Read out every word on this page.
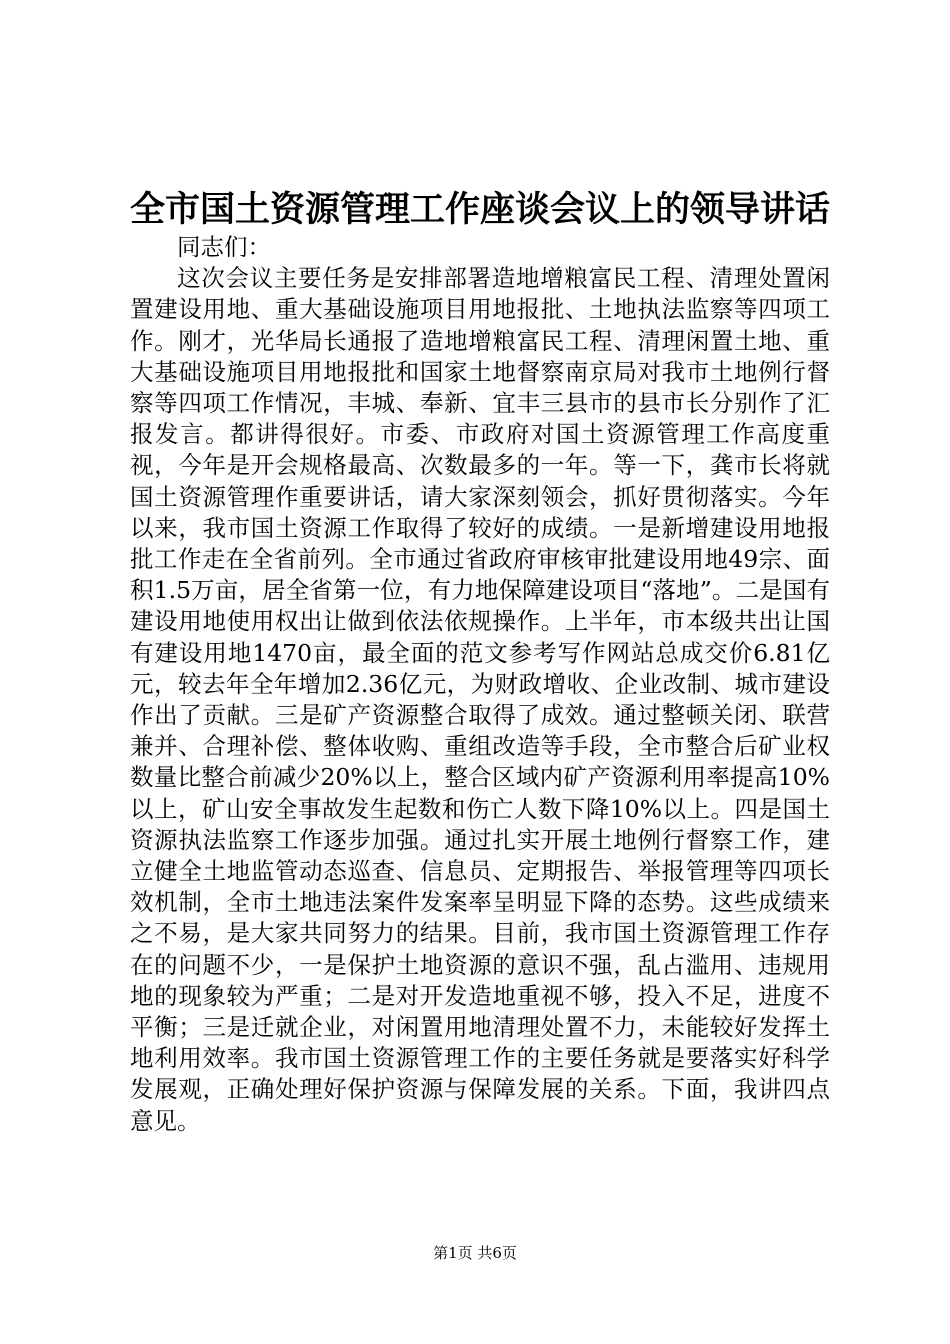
全市国土资源管理工作座谈会议上的领导讲话

同志们：

这次会议主要任务是安排部署造地增粮富民工程、清理处置闲置建设用地、重大基础设施项目用地报批、土地执法监察等四项工作。刚才，光华局长通报了造地增粮富民工程、清理闲置土地、重大基础设施项目用地报批和国家土地督察南京局对我市土地例行督察等四项工作情况，丰城、奉新、宜丰三县市的县市长分别作了汇报发言。都讲得很好。市委、市政府对国土资源管理工作高度重视，今年是开会规格最高、次数最多的一年。等一下，龚市长将就国土资源管理作重要讲话，请大家深刻领会，抓好贯彻落实。今年以来，我市国土资源工作取得了较好的成绩。一是新增建设用地报批工作走在全省前列。全市通过省政府审核审批建设用地49宗、面积1.5万亩，居全省第一位，有力地保障建设项目“落地”。二是国有建设用地使用权出让做到依法依规操作。上半年，市本级共出让国有建设用地1470亩，最全面的范文参考写作网站总成交价6.81亿元，较去年全年增加2.36亿元，为财政增收、企业改制、城市建设作出了贡献。三是矿产资源整合取得了成效。通过整顿关闭、联营兼并、合理补偿、整体收购、重组改造等手段，全市整合后矿业权数量比整合前减少20%以上，整合区域内矿产资源利用率提高10%以上，矿山安全事故发生起数和伤亡人数下降10%以上。四是国土资源执法监察工作逐步加强。通过扎实开展土地例行督察工作，建立健全土地监管动态巡查、信息员、定期报告、举报管理等四项长效机制，全市土地违法案件发案率呈明显下降的态势。这些成绩来之不易，是大家共同努力的结果。目前，我市国土资源管理工作存在的问题不少，一是保护土地资源的意识不强，乱占滥用、违规用地的现象较为严重；二是对开发造地重视不够，投入不足，进度不平衡；三是迁就企业，对闲置用地清理处置不力，未能较好发挥土地利用效率。我市国土资源管理工作的主要任务就是要落实好科学发展观，正确处理好保护资源与保障发展的关系。下面，我讲四点意见。

第1页 共6页
